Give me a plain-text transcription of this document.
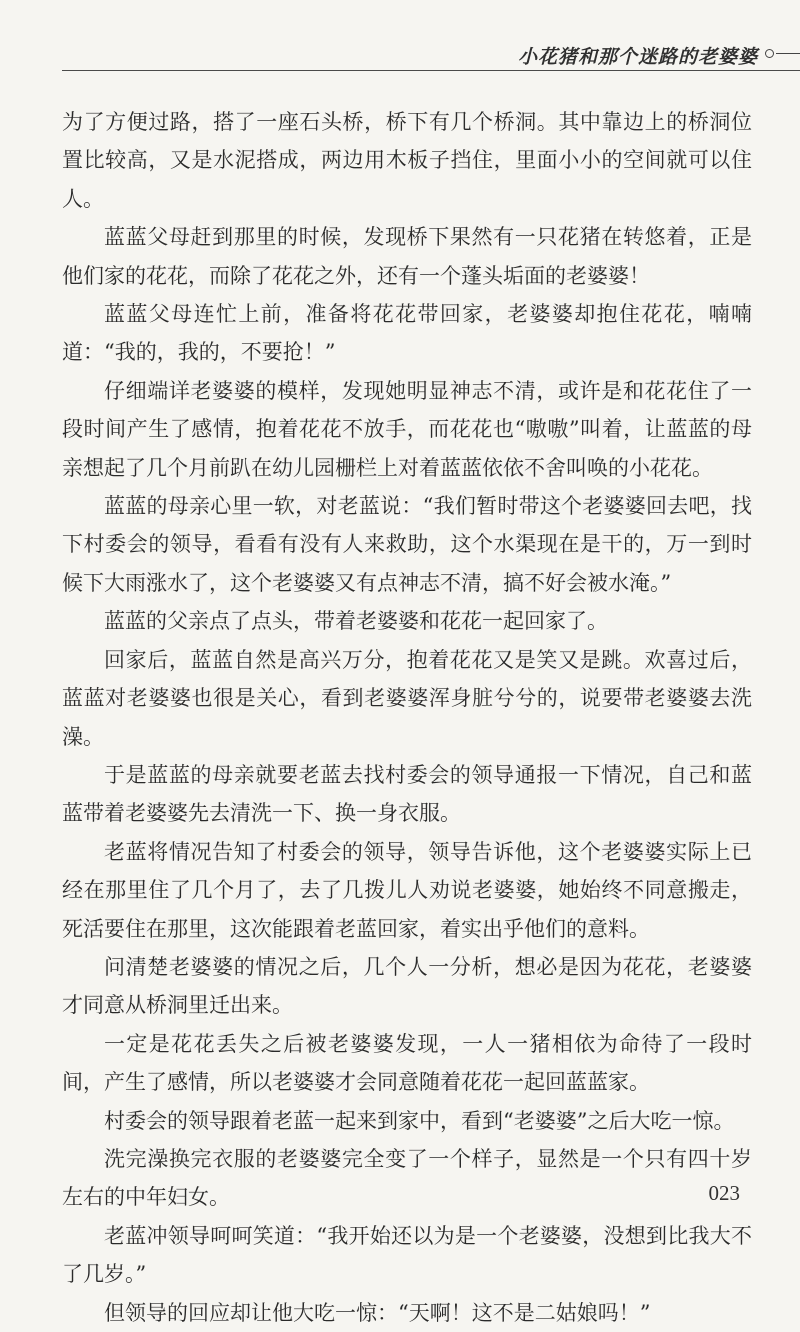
小花猪和那个迷路的老婆婆

为了方便过路，搭了一座石头桥，桥下有几个桥洞。其中靠边上的桥洞位置比较高，又是水泥搭成，两边用木板子挡住，里面小小的空间就可以住人。

蓝蓝父母赶到那里的时候，发现桥下果然有一只花猪在转悠着，正是他们家的花花，而除了花花之外，还有一个蓬头垢面的老婆婆！

蓝蓝父母连忙上前，准备将花花带回家，老婆婆却抱住花花，喃喃道：“我的，我的，不要抢！”

仔细端详老婆婆的模样，发现她明显神志不清，或许是和花花住了一段时间产生了感情，抱着花花不放手，而花花也“嗷嗷”叫着，让蓝蓝的母亲想起了几个月前趴在幼儿园栅栏上对着蓝蓝依依不舍叫唤的小花花。

蓝蓝的母亲心里一软，对老蓝说：“我们暂时带这个老婆婆回去吧，找下村委会的领导，看看有没有人来救助，这个水渠现在是干的，万一到时候下大雨涨水了，这个老婆婆又有点神志不清，搞不好会被水淹。”

蓝蓝的父亲点了点头，带着老婆婆和花花一起回家了。

回家后，蓝蓝自然是高兴万分，抱着花花又是笑又是跳。欢喜过后，蓝蓝对老婆婆也很是关心，看到老婆婆浑身脏兮兮的，说要带老婆婆去洗澡。

于是蓝蓝的母亲就要老蓝去找村委会的领导通报一下情况，自己和蓝蓝带着老婆婆先去清洗一下、换一身衣服。

老蓝将情况告知了村委会的领导，领导告诉他，这个老婆婆实际上已经在那里住了几个月了，去了几拨儿人劝说老婆婆，她始终不同意搬走，死活要住在那里，这次能跟着老蓝回家，着实出乎他们的意料。

问清楚老婆婆的情况之后，几个人一分析，想必是因为花花，老婆婆才同意从桥洞里迁出来。

一定是花花丢失之后被老婆婆发现，一人一猪相依为命待了一段时间，产生了感情，所以老婆婆才会同意随着花花一起回蓝蓝家。

村委会的领导跟着老蓝一起来到家中，看到“老婆婆”之后大吃一惊。

洗完澡换完衣服的老婆婆完全变了一个样子，显然是一个只有四十岁左右的中年妇女。

老蓝冲领导呵呵笑道：“我开始还以为是一个老婆婆，没想到比我大不了几岁。”

但领导的回应却让他大吃一惊：“天啊！这不是二姑娘吗！”

023
